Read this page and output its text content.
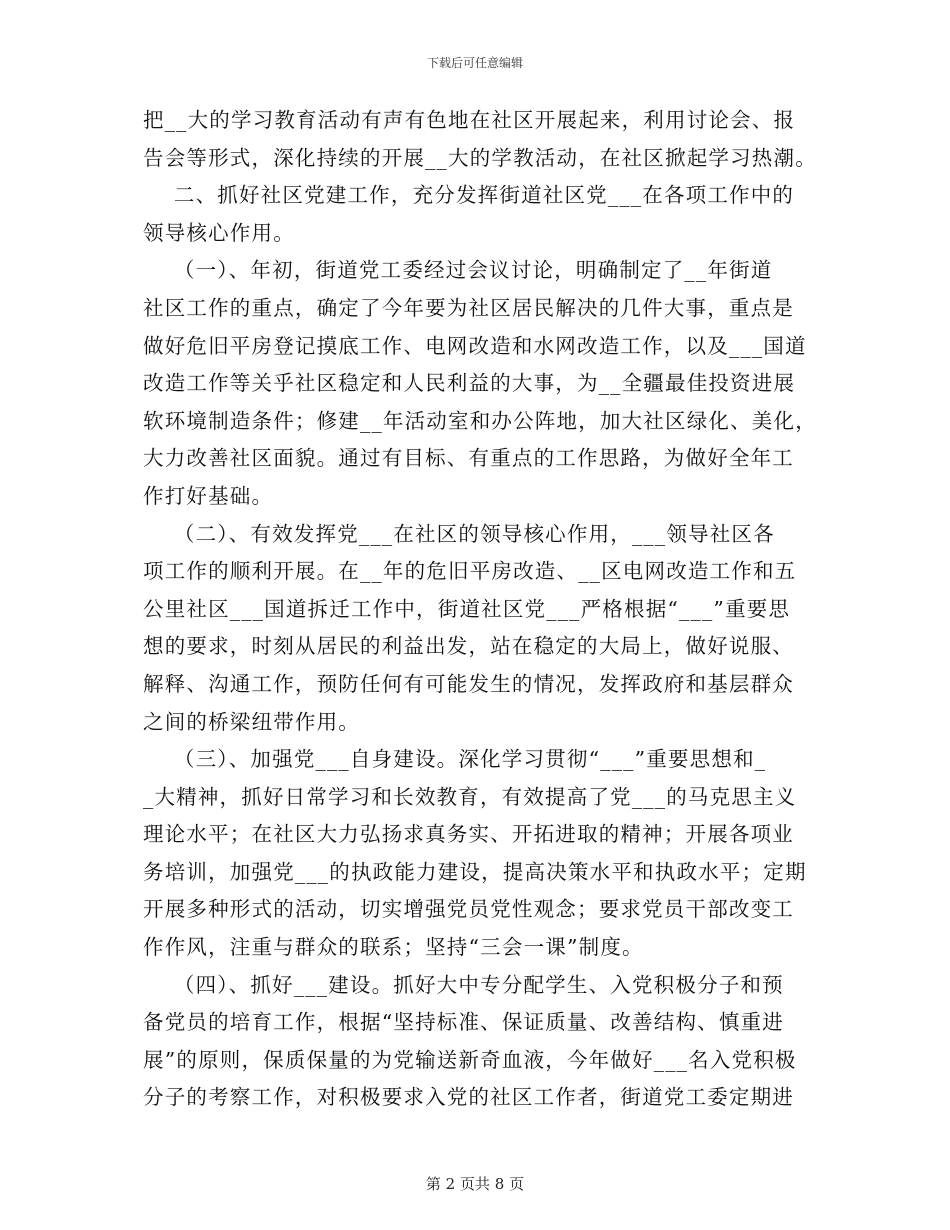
下载后可任意编辑
把__大的学习教育活动有声有色地在社区开展起来，利用讨论会、报
告会等形式，深化持续的开展__大的学教活动，在社区掀起学习热潮。
二、抓好社区党建工作，充分发挥街道社区党___在各项工作中的
领导核心作用。
（一）、年初，街道党工委经过会议讨论，明确制定了__年街道
社区工作的重点，确定了今年要为社区居民解决的几件大事，重点是
做好危旧平房登记摸底工作、电网改造和水网改造工作，以及___国道
改造工作等关乎社区稳定和人民利益的大事，为__全疆最佳投资进展
软环境制造条件；修建__年活动室和办公阵地，加大社区绿化、美化，
大力改善社区面貌。通过有目标、有重点的工作思路，为做好全年工
作打好基础。
（二）、有效发挥党___在社区的领导核心作用，___领导社区各
项工作的顺利开展。在__年的危旧平房改造、__区电网改造工作和五
公里社区___国道拆迁工作中，街道社区党___严格根据“___”重要思
想的要求，时刻从居民的利益出发，站在稳定的大局上，做好说服、
解释、沟通工作，预防任何有可能发生的情况，发挥政府和基层群众
之间的桥梁纽带作用。
（三）、加强党___自身建设。深化学习贯彻“___”重要思想和_
_大精神，抓好日常学习和长效教育，有效提高了党___的马克思主义
理论水平；在社区大力弘扬求真务实、开拓进取的精神；开展各项业
务培训，加强党___的执政能力建设，提高决策水平和执政水平；定期
开展多种形式的活动，切实增强党员党性观念；要求党员干部改变工
作作风，注重与群众的联系；坚持“三会一课”制度。
（四）、抓好___建设。抓好大中专分配学生、入党积极分子和预
备党员的培育工作，根据“坚持标准、保证质量、改善结构、慎重进
展”的原则，保质保量的为党输送新奇血液，今年做好___名入党积极
分子的考察工作，对积极要求入党的社区工作者，街道党工委定期进
第 2 页共 8 页
